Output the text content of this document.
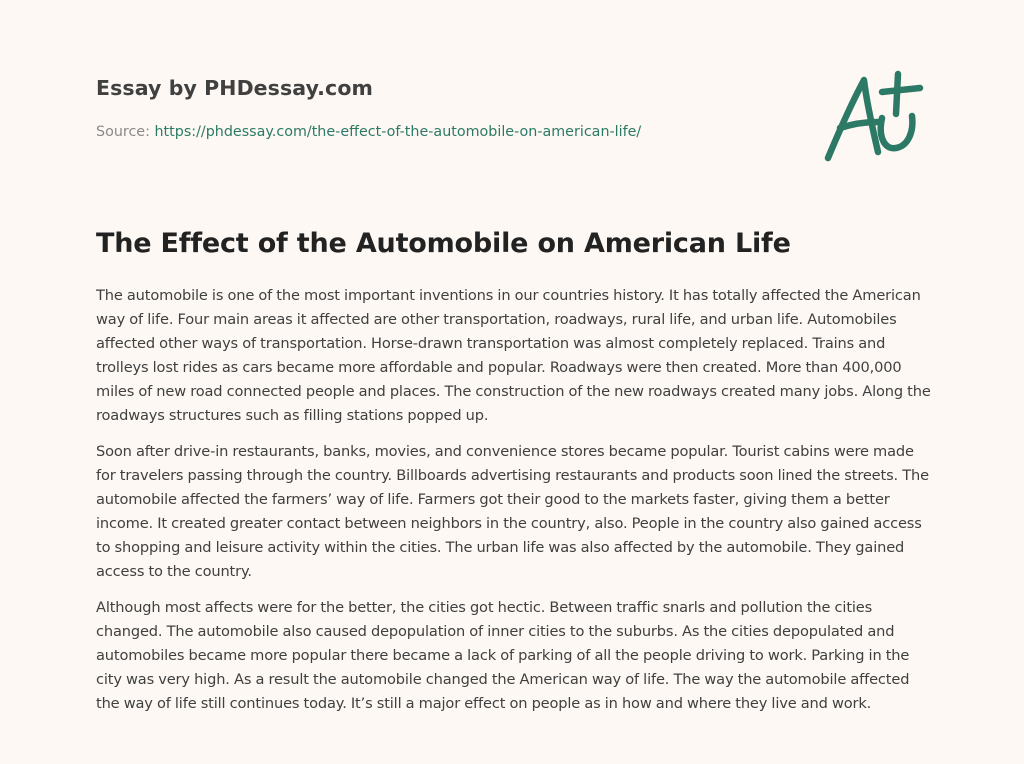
Essay by PHDessay.com
Source: https://phdessay.com/the-effect-of-the-automobile-on-american-life/
The Effect of the Automobile on American Life

The automobile is one of the most important inventions in our countries history. It has totally affected the American way of life. Four main areas it affected are other transportation, roadways, rural life, and urban life. Automobiles affected other ways of transportation. Horse-drawn transportation was almost completely replaced. Trains and trolleys lost rides as cars became more affordable and popular. Roadways were then created. More than 400,000 miles of new road connected people and places. The construction of the new roadways created many jobs. Along the roadways structures such as filling stations popped up.

Soon after drive-in restaurants, banks, movies, and convenience stores became popular. Tourist cabins were made for travelers passing through the country. Billboards advertising restaurants and products soon lined the streets. The automobile affected the farmers’ way of life. Farmers got their good to the markets faster, giving them a better income. It created greater contact between neighbors in the country, also. People in the country also gained access to shopping and leisure activity within the cities. The urban life was also affected by the automobile. They gained access to the country.

Although most affects were for the better, the cities got hectic. Between traffic snarls and pollution the cities changed. The automobile also caused depopulation of inner cities to the suburbs. As the cities depopulated and automobiles became more popular there became a lack of parking of all the people driving to work. Parking in the city was very high. As a result the automobile changed the American way of life. The way the automobile affected the way of life still continues today. It’s still a major effect on people as in how and where they live and work.
